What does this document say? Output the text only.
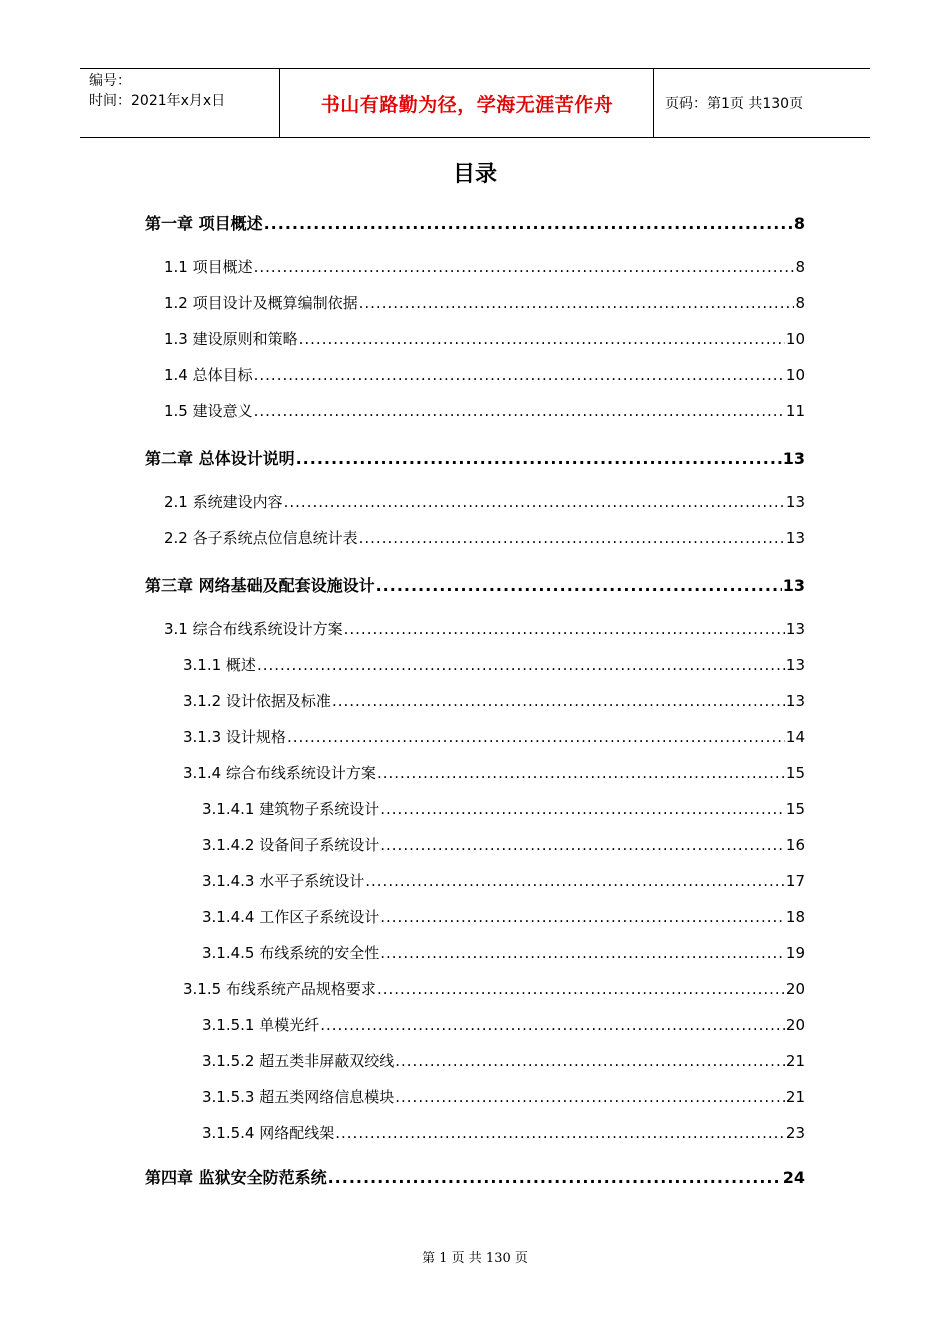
编号：
时间：2021年x月x日	书山有路勤为径，学海无涯苦作舟	页码：第1页 共130页
目录
第一章 项目概述 .....	8
1.1 项目概述 .....	8
1.2 项目设计及概算编制依据 .....	8
1.3 建设原则和策略 .....	10
1.4 总体目标 .....	10
1.5 建设意义 .....	11
第二章 总体设计说明 .....	13
2.1 系统建设内容 .....	13
2.2 各子系统点位信息统计表 .....	13
第三章 网络基础及配套设施设计 .....	13
3.1 综合布线系统设计方案 .....	13
3.1.1 概述 .....	13
3.1.2 设计依据及标准 .....	13
3.1.3 设计规格 .....	14
3.1.4 综合布线系统设计方案 .....	15
3.1.4.1 建筑物子系统设计 .....	15
3.1.4.2 设备间子系统设计 .....	16
3.1.4.3 水平子系统设计 .....	17
3.1.4.4 工作区子系统设计 .....	18
3.1.4.5 布线系统的安全性 .....	19
3.1.5 布线系统产品规格要求 .....	20
3.1.5.1 单模光纤 .....	20
3.1.5.2 超五类非屏蔽双绞线 .....	21
3.1.5.3 超五类网络信息模块 .....	21
3.1.5.4 网络配线架 .....	23
第四章 监狱安全防范系统 .....	24
第 1 页 共 130 页
